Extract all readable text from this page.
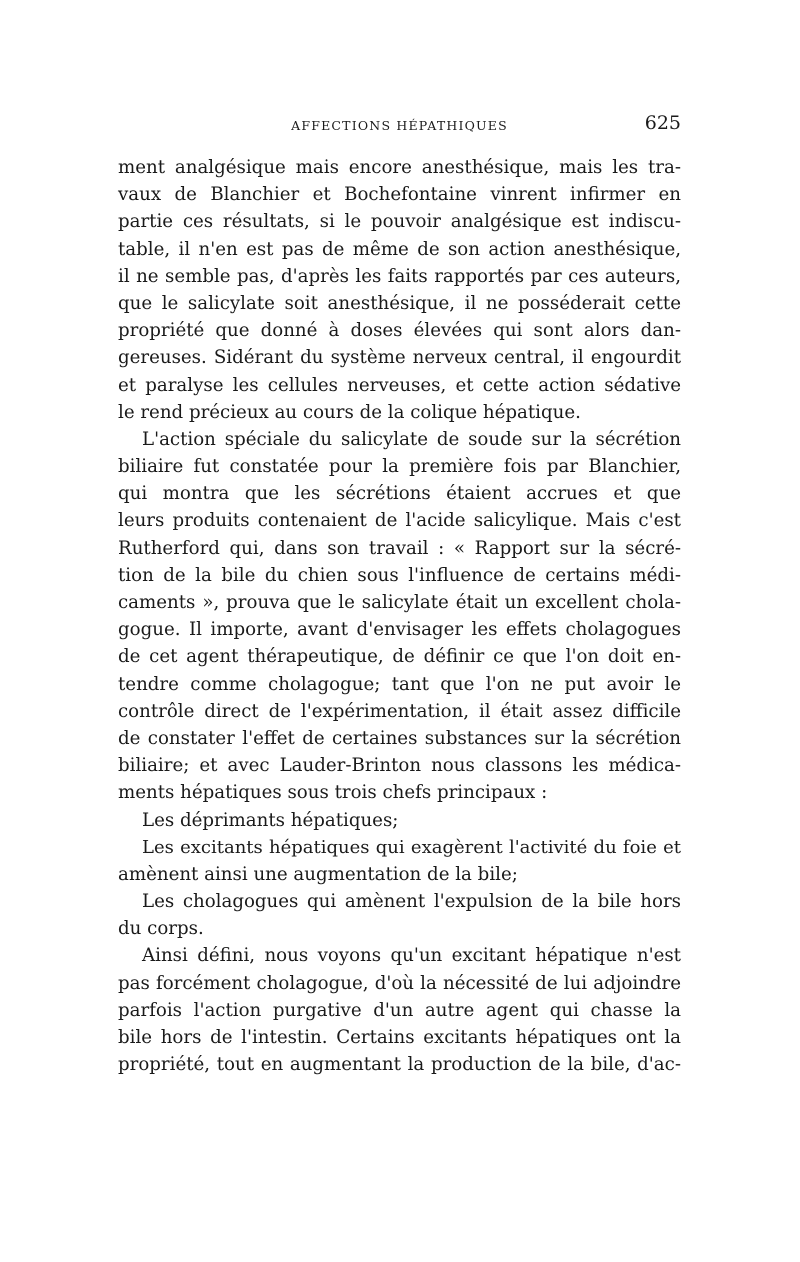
AFFECTIONS HÉPATHIQUES	625
ment analgésique mais encore anesthésique, mais les tra-
vaux de Blanchier et Bochefontaine vinrent infirmer en
partie ces résultats, si le pouvoir analgésique est indiscu-
table, il n'en est pas de même de son action anesthésique,
il ne semble pas, d'après les faits rapportés par ces auteurs,
que le salicylate soit anesthésique, il ne posséderait cette
propriété que donné à doses élevées qui sont alors dan-
gereuses. Sidérant du système nerveux central, il engourdit
et paralyse les cellules nerveuses, et cette action sédative
le rend précieux au cours de la colique hépatique.
L'action spéciale du salicylate de soude sur la sécrétion
biliaire fut constatée pour la première fois par Blanchier,
qui montra que les sécrétions étaient accrues et que
leurs produits contenaient de l'acide salicylique. Mais c'est
Rutherford qui, dans son travail : « Rapport sur la sécré-
tion de la bile du chien sous l'influence de certains médi-
caments », prouva que le salicylate était un excellent chola-
gogue. Il importe, avant d'envisager les effets cholagogues
de cet agent thérapeutique, de définir ce que l'on doit en-
tendre comme cholagogue; tant que l'on ne put avoir le
contrôle direct de l'expérimentation, il était assez difficile
de constater l'effet de certaines substances sur la sécrétion
biliaire; et avec Lauder-Brinton nous classons les médica-
ments hépatiques sous trois chefs principaux :
Les déprimants hépatiques;
Les excitants hépatiques qui exagèrent l'activité du foie et
amènent ainsi une augmentation de la bile;
Les cholagogues qui amènent l'expulsion de la bile hors
du corps.
Ainsi défini, nous voyons qu'un excitant hépatique n'est
pas forcément cholagogue, d'où la nécessité de lui adjoindre
parfois l'action purgative d'un autre agent qui chasse la
bile hors de l'intestin. Certains excitants hépatiques ont la
propriété, tout en augmentant la production de la bile, d'ac-
